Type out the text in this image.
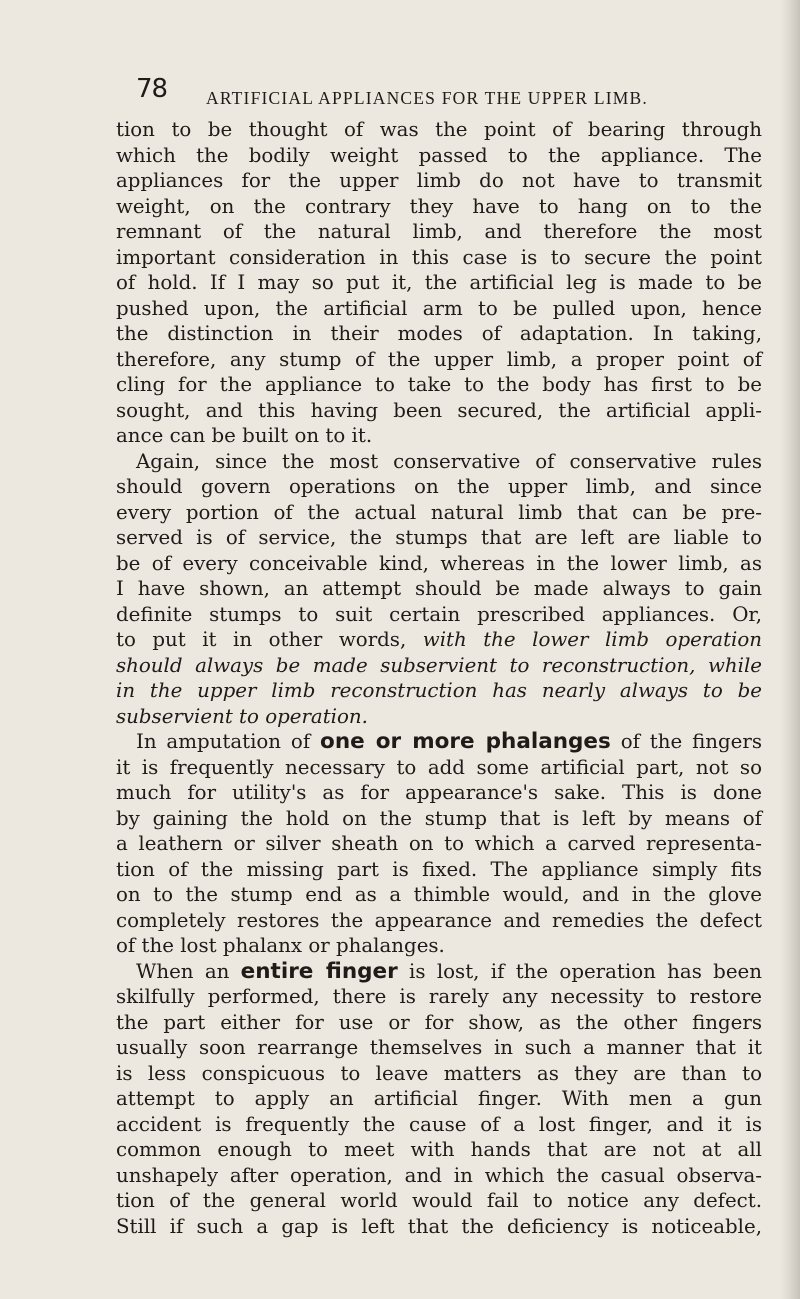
78 ARTIFICIAL APPLIANCES FOR THE UPPER LIMB.
tion to be thought of was the point of bearing through
which the bodily weight passed to the appliance. The
appliances for the upper limb do not have to transmit
weight, on the contrary they have to hang on to the
remnant of the natural limb, and therefore the most
important consideration in this case is to secure the point
of hold. If I may so put it, the artificial leg is made to be
pushed upon, the artificial arm to be pulled upon, hence
the distinction in their modes of adaptation. In taking,
therefore, any stump of the upper limb, a proper point of
cling for the appliance to take to the body has first to be
sought, and this having been secured, the artificial appli-
ance can be built on to it.
Again, since the most conservative of conservative rules
should govern operations on the upper limb, and since
every portion of the actual natural limb that can be pre-
served is of service, the stumps that are left are liable to
be of every conceivable kind, whereas in the lower limb, as
I have shown, an attempt should be made always to gain
definite stumps to suit certain prescribed appliances. Or,
to put it in other words, with the lower limb operation
should always be made subservient to reconstruction, while
in the upper limb reconstruction has nearly always to be
subservient to operation.
In amputation of one or more phalanges of the fingers
it is frequently necessary to add some artificial part, not so
much for utility's as for appearance's sake. This is done
by gaining the hold on the stump that is left by means of
a leathern or silver sheath on to which a carved representa-
tion of the missing part is fixed. The appliance simply fits
on to the stump end as a thimble would, and in the glove
completely restores the appearance and remedies the defect
of the lost phalanx or phalanges.
When an entire finger is lost, if the operation has been
skilfully performed, there is rarely any necessity to restore
the part either for use or for show, as the other fingers
usually soon rearrange themselves in such a manner that it
is less conspicuous to leave matters as they are than to
attempt to apply an artificial finger. With men a gun
accident is frequently the cause of a lost finger, and it is
common enough to meet with hands that are not at all
unshapely after operation, and in which the casual observa-
tion of the general world would fail to notice any defect.
Still if such a gap is left that the deficiency is noticeable,
